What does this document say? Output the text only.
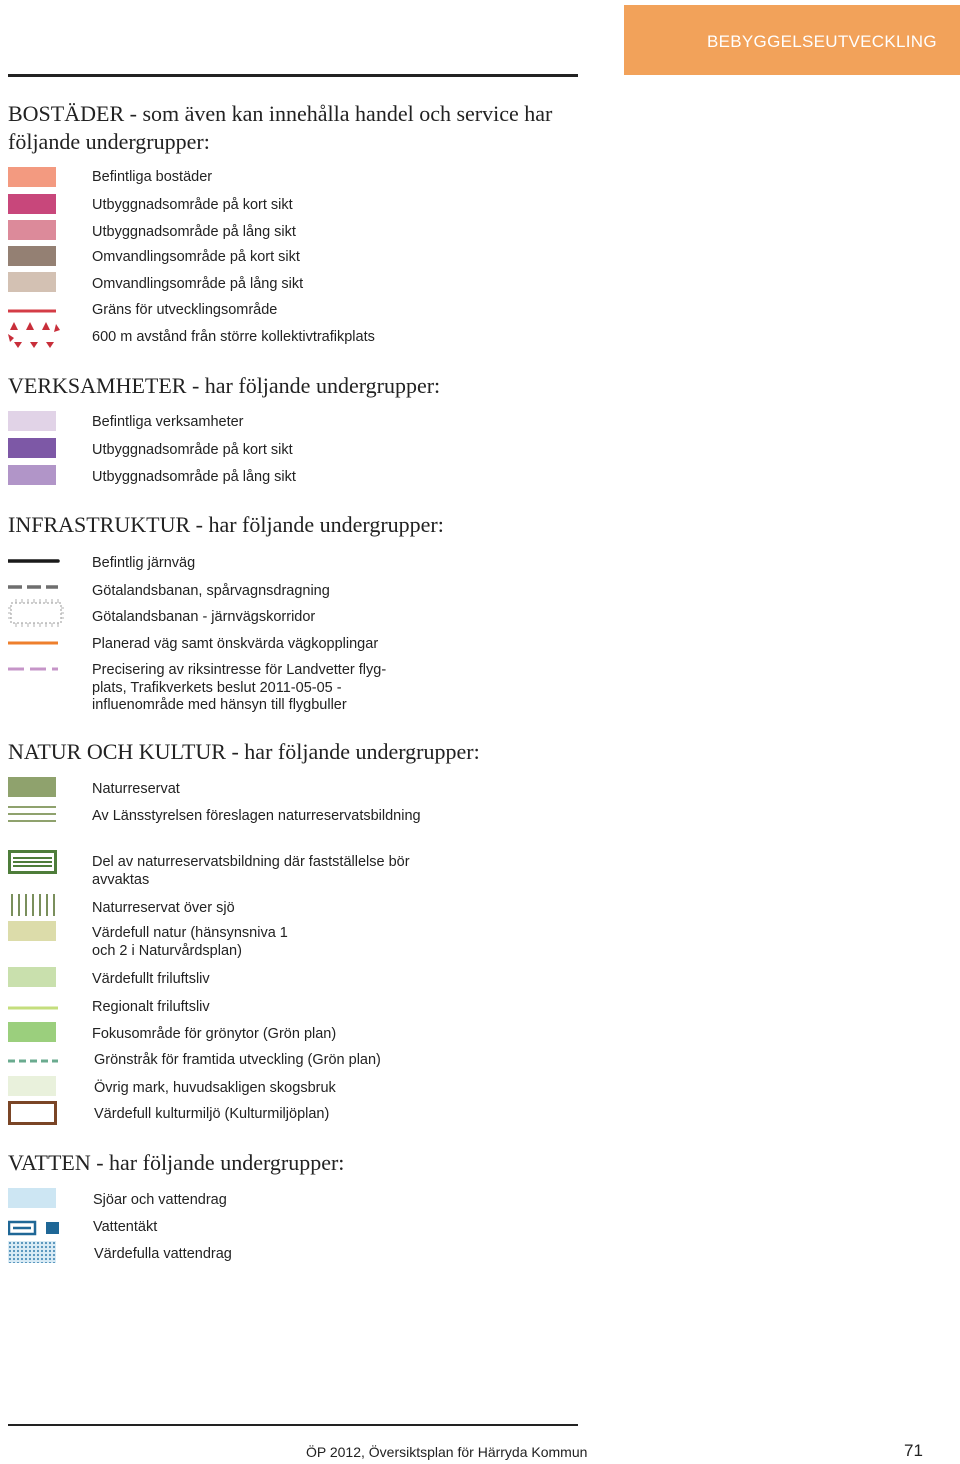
BEBYGGELSEUTVECKLING
BOSTÄDER - som även kan innehålla handel och service har följande undergrupper:
Befintliga bostäder
Utbyggnadsområde på kort sikt
Utbyggnadsområde på lång sikt
Omvandlingsområde på kort sikt
Omvandlingsområde på lång sikt
Gräns för utvecklingsområde
600 m avstånd från större kollektivtrafikplats
VERKSAMHETER - har följande undergrupper:
Befintliga verksamheter
Utbyggnadsområde på kort sikt
Utbyggnadsområde på lång sikt
INFRASTRUKTUR - har följande undergrupper:
Befintlig järnväg
Götalandsbanan, spårvagnsdragning
Götalandsbanan - järnvägskorridor
Planerad väg samt önskvärda vägkopplingar
Precisering av riksintresse för Landvetter flyg-plats, Trafikverkets beslut 2011-05-05 - influenområde med hänsyn till flygbuller
NATUR OCH KULTUR - har följande undergrupper:
Naturreservat
Av Länsstyrelsen föreslagen naturreservatsbildning
Del av naturreservatsbildning där fastställelse bör avvaktas
Naturreservat över sjö
Värdefull natur (hänsynsniva 1 och 2 i Naturvårdsplan)
Värdefullt friluftsliv
Regionalt friluftsliv
Fokusområde för grönytor (Grön plan)
Grönstråk för framtida utveckling (Grön plan)
Övrig mark, huvudsakligen skogsbruk
Värdefull kulturmiljö (Kulturmiljöplan)
VATTEN - har följande undergrupper:
Sjöar och vattendrag
Vattentäkt
Värdefulla vattendrag
ÖP 2012, Översiktsplan för Härryda Kommun	71
